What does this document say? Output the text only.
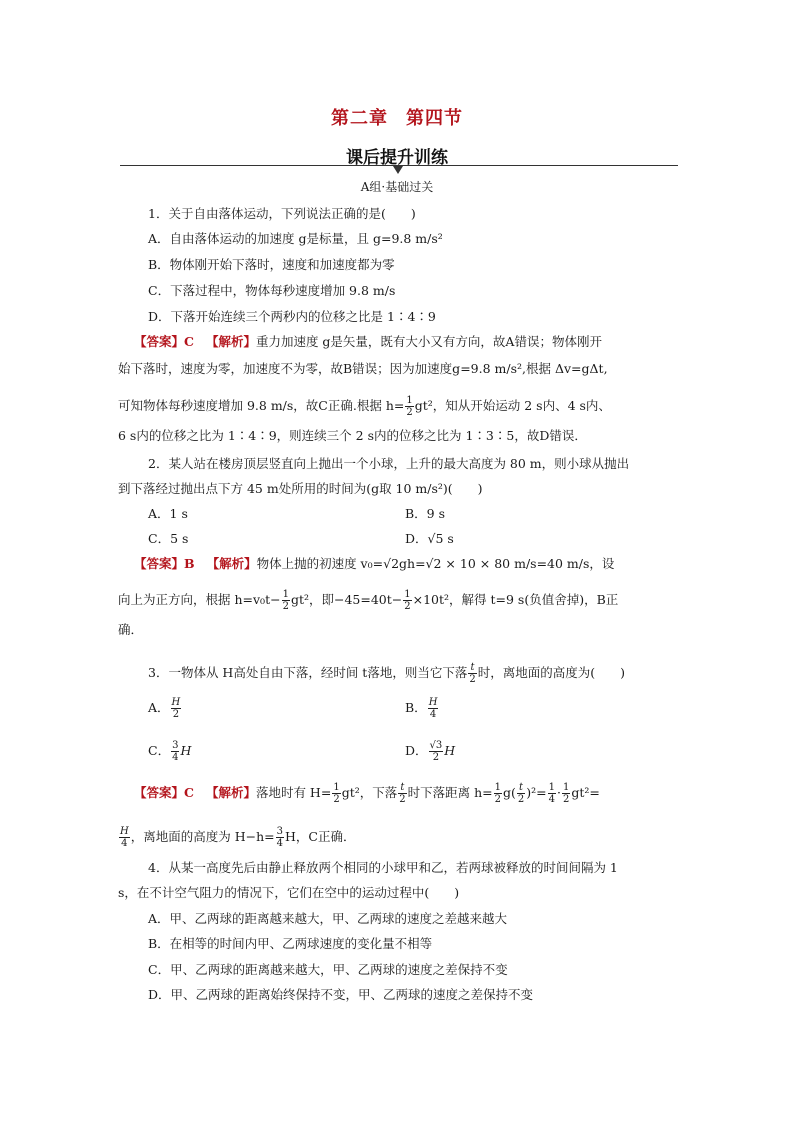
第二章 第四节
课后提升训练
A组·基础过关
1．关于自由落体运动，下列说法正确的是(　　)
A．自由落体运动的加速度 g是标量，且 g=9.8 m/s²
B．物体刚开始下落时，速度和加速度都为零
C．下落过程中，物体每秒速度增加 9.8 m/s
D．下落开始连续三个两秒内的位移之比是 1∶4∶9
【答案】C 【解析】重力加速度 g是矢量，既有大小又有方向，故A错误；物体刚开
始下落时，速度为零，加速度不为零，故B错误；因为加速度g=9.8 m/s²,根据 Δv=gΔt,
可知物体每秒速度增加 9.8 m/s，故C正确.根据 $h= \frac{1}{2} gt^2$，知从开始运动 2 s内、4 s内、
6 s内的位移之比为 1∶4∶9，则连续三个 2 s内的位移之比为 1∶3∶5，故D错误．
2．某人站在楼房顶层竖直向上抛出一个小球，上升的最大高度为 80 m，则小球从抛出
到下落经过抛出点下方 45 m处所用的时间为(g取 10 m/s²)(　　)
A．1 s	B．9 s
C．5 s	D．√5 s
【答案】B 【解析】物体上抛的初速度 v₀=√2gh=√2 × 10 × 80 m/s=40 m/s，设
向上为正方向，根据 $h=v_0t- \frac{1}{2} gt^2$，即$-45=40t- \frac{1}{2} \times 10t^2$，解得 t=9 s(负值舍掉)，B正
确．
3．一物体从 H高处自由下落，经时间 t落地，则当它下落 $\frac{t}{2}$ 时，离地面的高度为(　　)
A． $\frac{H}{2}$	B． $\frac{H}{4}$
C． $\frac{3}{4}$ H	D． $\frac{√3}{2}$ H
【答案】C 【解析】落地时有 $H= \frac{1}{2} gt^2$，下落 $\frac{t}{2}$ 时下落距离 $h= \frac{1}{2} g( \frac{t}{2} )^2= \frac{1}{4} \cdot \frac{1}{2} gt^2=$
$\frac{H}{4}$ ，离地面的高度为 $H-h= \frac{3}{4}$ H，C正确．
4．从某一高度先后由静止释放两个相同的小球甲和乙，若两球被释放的时间间隔为 1
s，在不计空气阻力的情况下，它们在空中的运动过程中(　　)
A．甲、乙两球的距离越来越大，甲、乙两球的速度之差越来越大
B．在相等的时间内甲、乙两球速度的变化量不相等
C．甲、乙两球的距离越来越大，甲、乙两球的速度之差保持不变
D．甲、乙两球的距离始终保持不变，甲、乙两球的速度之差保持不变
